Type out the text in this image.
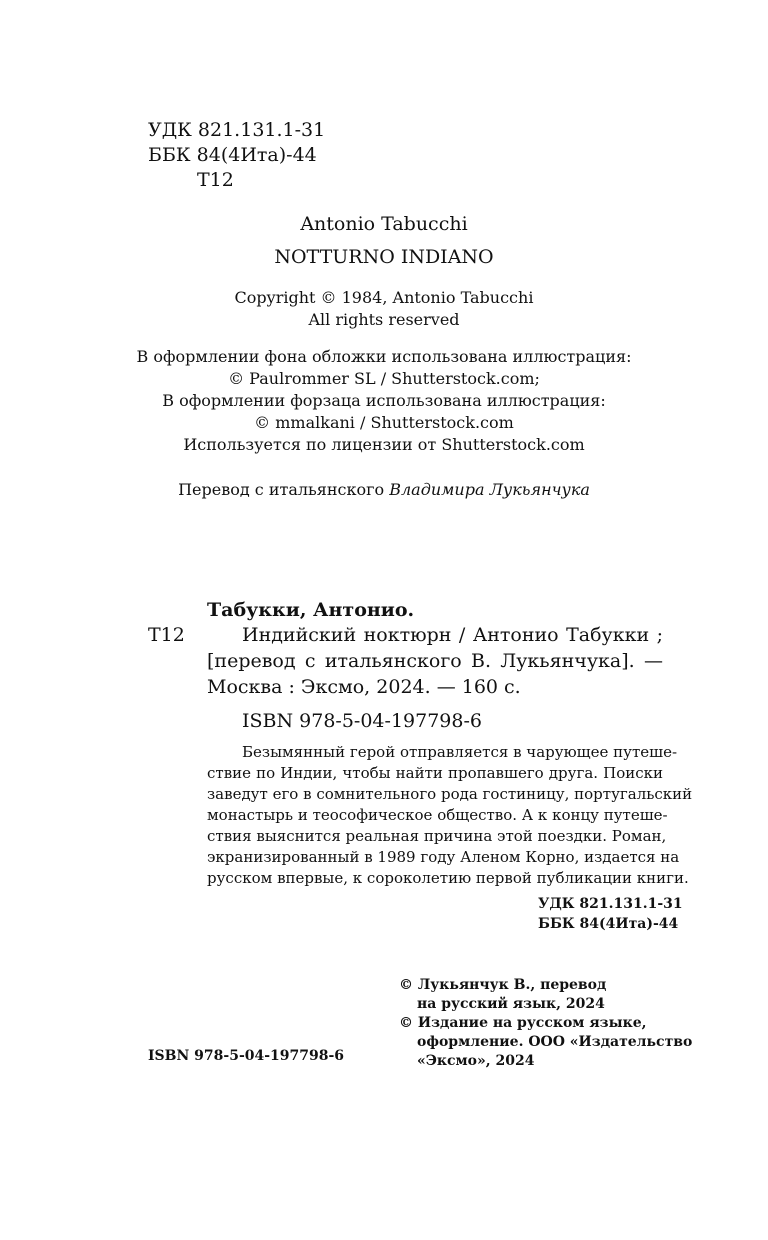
УДК 821.131.1-31
ББК 84(4Ита)-44
Т12
Antonio Tabucchi
NOTTURNO INDIANO
Copyright © 1984, Antonio Tabucchi
All rights reserved
В оформлении фона обложки использована иллюстрация:
© Paulrommer SL / Shutterstock.com;
В оформлении форзаца использована иллюстрация:
© mmalkani / Shutterstock.com
Используется по лицензии от Shutterstock.com
Перевод с итальянского Владимира Лукьянчука
Табукки, Антонио.
Т12	Индийский ноктюрн / Антонио Табукки ;
[перевод с итальянского В. Лукьянчука]. —
Москва : Эксмо, 2024. — 160 с.
ISBN 978-5-04-197798-6
Безымянный герой отправляется в чарующее путеше-
ствие по Индии, чтобы найти пропавшего друга. Поиски
заведут его в сомнительного рода гостиницу, португальский
монастырь и теософическое общество. А к концу путеше-
ствия выяснится реальная причина этой поездки. Роман,
экранизированный в 1989 году Аленом Корно, издается на
русском впервые, к сороколетию первой публикации книги.
УДК 821.131.1-31
ББК 84(4Ита)-44
ISBN 978-5-04-197798-6
© Лукьянчук В., перевод
на русский язык, 2024
© Издание на русском языке,
оформление. ООО «Издательство
«Эксмо», 2024
